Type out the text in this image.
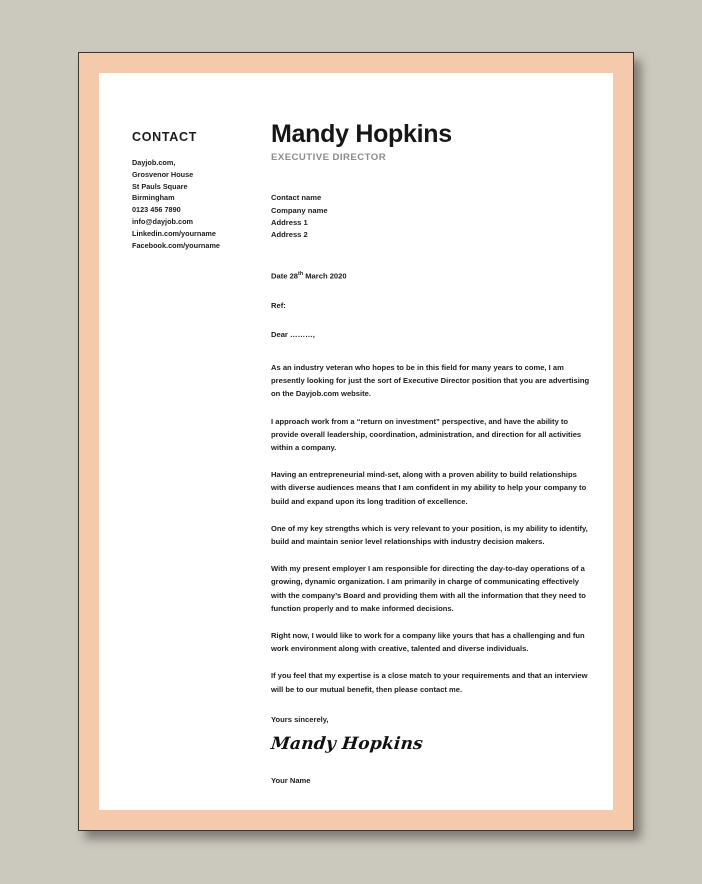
CONTACT
Dayjob.com,
Grosvenor House
St Pauls Square
Birmingham
0123 456 7890
info@dayjob.com
Linkedin.com/yourname
Facebook.com/yourname
Mandy Hopkins
EXECUTIVE DIRECTOR
Contact name
Company name
Address 1
Address 2
Date 28th March 2020
Ref:
Dear ………,

As an industry veteran who hopes to be in this field for many years to come, I am presently looking for just the sort of Executive Director position that you are advertising on the Dayjob.com website.

I approach work from a “return on investment” perspective, and have the ability to provide overall leadership, coordination, administration, and direction for all activities within a company.

Having an entrepreneurial mind-set, along with a proven ability to build relationships with diverse audiences means that I am confident in my ability to help your company to build and expand upon its long tradition of excellence.

One of my key strengths which is very relevant to your position, is my ability to identify, build and maintain senior level relationships with industry decision makers.

With my present employer I am responsible for directing the day-to-day operations of a growing, dynamic organization. I am primarily in charge of communicating effectively with the company’s Board and providing them with all the information that they need to function properly and to make informed decisions.

Right now, I would like to work for a company like yours that has a challenging and fun work environment along with creative, talented and diverse individuals.

If you feel that my expertise is a close match to your requirements and that an interview will be to our mutual benefit, then please contact me.

Yours sincerely,
Mandy Hopkins
Your Name
